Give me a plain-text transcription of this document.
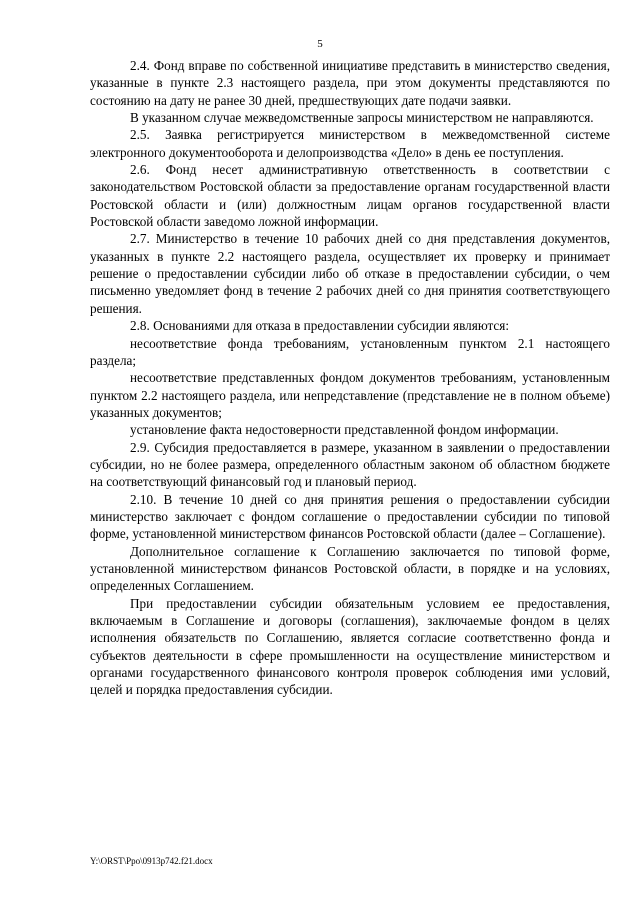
5

2.4. Фонд вправе по собственной инициативе представить в министерство сведения, указанные в пункте 2.3 настоящего раздела, при этом документы представляются по состоянию на дату не ранее 30 дней, предшествующих дате подачи заявки.

В указанном случае межведомственные запросы министерством не направляются.

2.5. Заявка регистрируется министерством в межведомственной системе электронного документооборота и делопроизводства «Дело» в день ее поступления.

2.6. Фонд несет административную ответственность в соответствии с законодательством Ростовской области за предоставление органам государственной власти Ростовской области и (или) должностным лицам органов государственной власти Ростовской области заведомо ложной информации.

2.7. Министерство в течение 10 рабочих дней со дня представления документов, указанных в пункте 2.2 настоящего раздела, осуществляет их проверку и принимает решение о предоставлении субсидии либо об отказе в предоставлении субсидии, о чем письменно уведомляет фонд в течение 2 рабочих дней со дня принятия соответствующего решения.

2.8. Основаниями для отказа в предоставлении субсидии являются:

несоответствие фонда требованиям, установленным пунктом 2.1 настоящего раздела;

несоответствие представленных фондом документов требованиям, установленным пунктом 2.2 настоящего раздела, или непредставление (представление не в полном объеме) указанных документов;

установление факта недостоверности представленной фондом информации.

2.9. Субсидия предоставляется в размере, указанном в заявлении о предоставлении субсидии, но не более размера, определенного областным законом об областном бюджете на соответствующий финансовый год и плановый период.

2.10. В течение 10 дней со дня принятия решения о предоставлении субсидии министерство заключает с фондом соглашение о предоставлении субсидии по типовой форме, установленной министерством финансов Ростовской области (далее – Соглашение).

Дополнительное соглашение к Соглашению заключается по типовой форме, установленной министерством финансов Ростовской области, в порядке и на условиях, определенных Соглашением.

При предоставлении субсидии обязательным условием ее предоставления, включаемым в Соглашение и договоры (соглашения), заключаемые фондом в целях исполнения обязательств по Соглашению, является согласие соответственно фонда и субъектов деятельности в сфере промышленности на осуществление министерством и органами государственного финансового контроля проверок соблюдения ими условий, целей и порядка предоставления субсидии.

Y:\ORST\Ppo\0913p742.f21.docx
